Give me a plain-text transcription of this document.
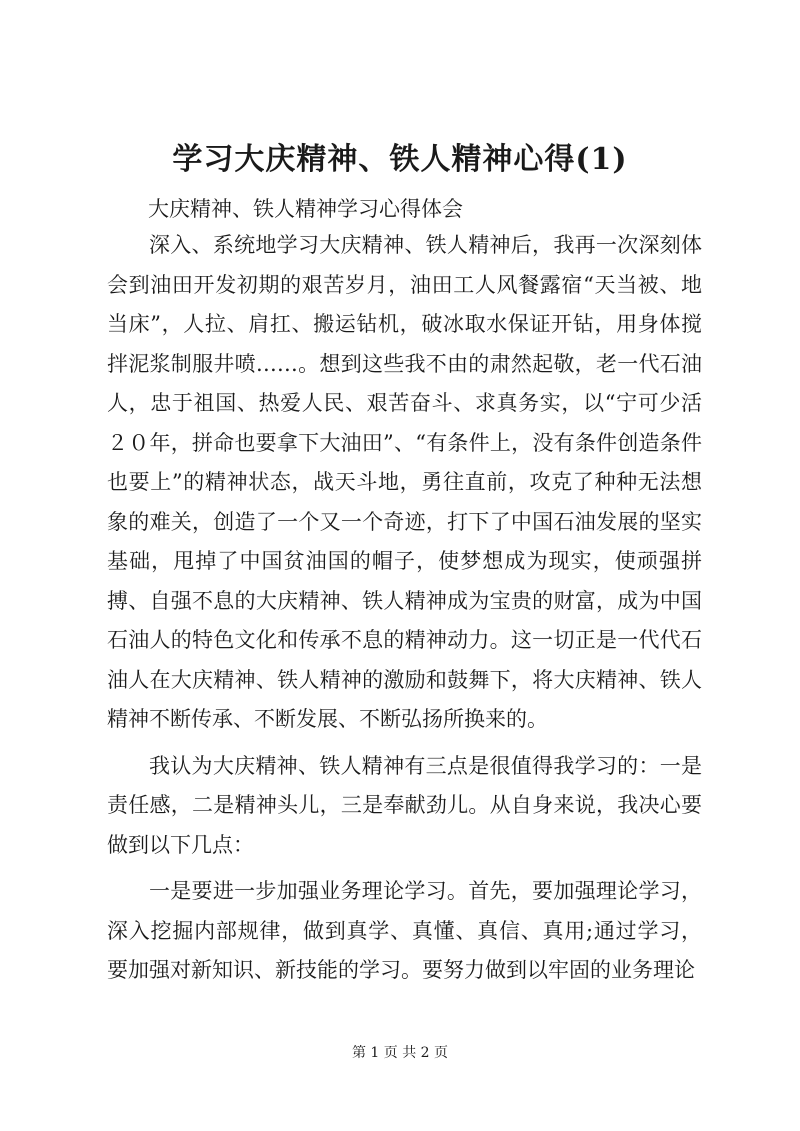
学习大庆精神、铁人精神心得(1)
大庆精神、铁人精神学习心得体会

深入、系统地学习大庆精神、铁人精神后，我再一次深刻体会到油田开发初期的艰苦岁月，油田工人风餐露宿“天当被、地当床”，人拉、肩扛、搬运钻机，破冰取水保证开钻，用身体搅拌泥浆制服井喷……。想到这些我不由的肃然起敬，老一代石油人，忠于祖国、热爱人民、艰苦奋斗、求真务实，以“宁可少活２０年，拼命也要拿下大油田”、“有条件上，没有条件创造条件也要上”的精神状态，战天斗地，勇往直前，攻克了种种无法想象的难关，创造了一个又一个奇迹，打下了中国石油发展的坚实基础，甩掉了中国贫油国的帽子，使梦想成为现实，使顽强拼搏、自强不息的大庆精神、铁人精神成为宝贵的财富，成为中国石油人的特色文化和传承不息的精神动力。这一切正是一代代石油人在大庆精神、铁人精神的激励和鼓舞下，将大庆精神、铁人精神不断传承、不断发展、不断弘扬所换来的。

我认为大庆精神、铁人精神有三点是很值得我学习的：一是责任感，二是精神头儿，三是奉献劲儿。从自身来说，我决心要做到以下几点：

一是要进一步加强业务理论学习。首先，要加强理论学习，深入挖掘内部规律，做到真学、真懂、真信、真用;通过学习，要加强对新知识、新技能的学习。要努力做到以牢固的业务理论

第 1 页 共 2 页
